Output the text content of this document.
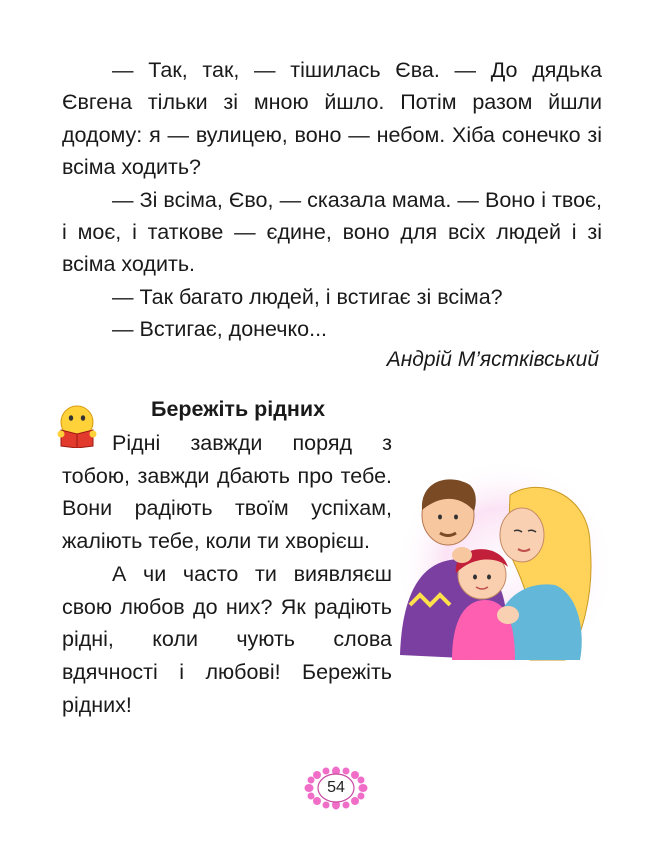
— Так, так, — тішилась Єва. — До дядька Євгена тільки зі мною йшло. Потім разом йшли додому: я — вулицею, воно — небом. Хіба сонечко зі всіма ходить?

— Зі всіма, Єво, — сказала мама. — Воно і твоє, і моє, і таткове — єдине, воно для всіх людей і зі всіма ходить.

— Так багато людей, і встигає зі всіма?

— Встигає, донечко...

Андрій М’ястківський
Бережіть рідних

Рідні завжди поряд з тобою, завжди дбають про тебе. Вони радіють твоїм успіхам, жаліють тебе, коли ти хворієш.

А чи часто ти виявляєш свою любов до них? Як радіють рідні, коли чують слова вдячності і любові! Бережіть рідних!

54
